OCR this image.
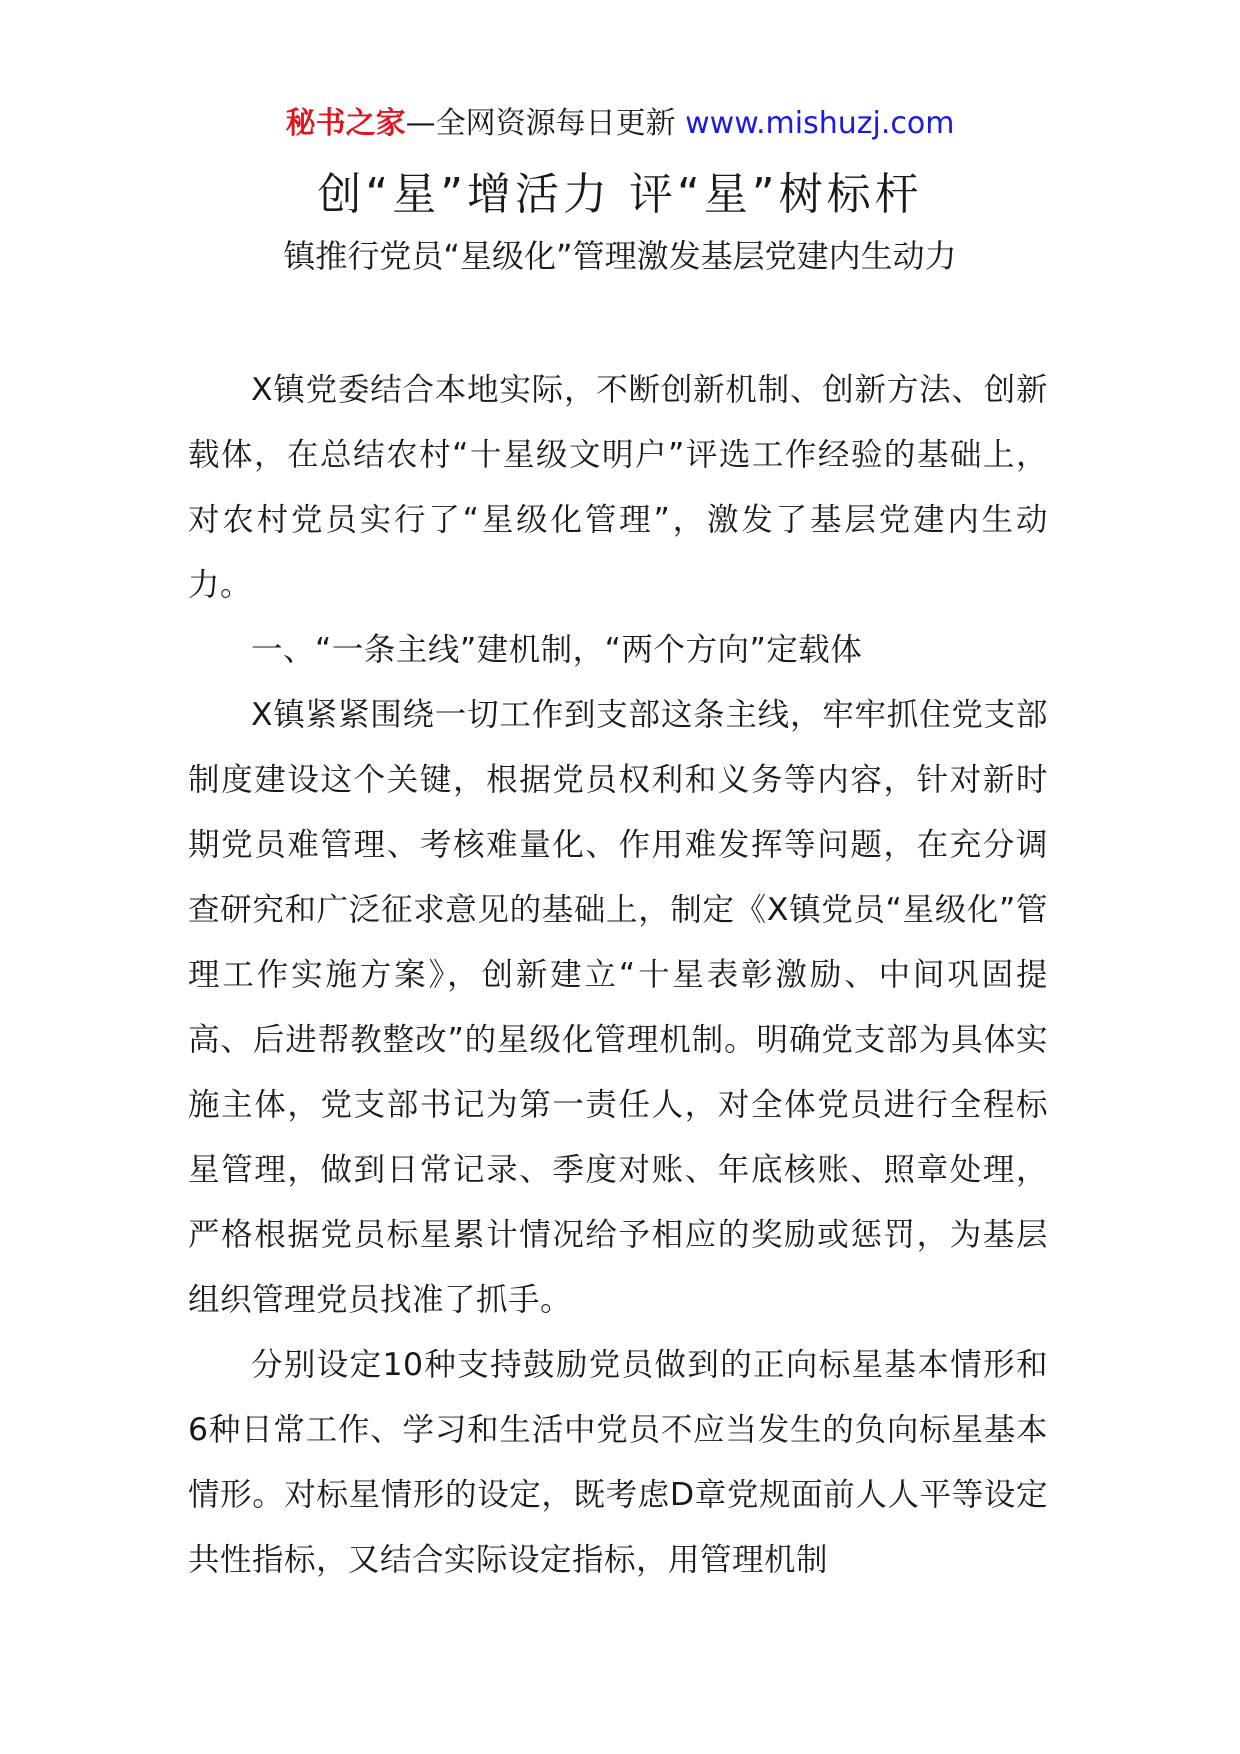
秘书之家—全网资源每日更新 www.mishuzj.com
创“星”增活力 评“星”树标杆
镇推行党员“星级化”管理激发基层党建内生动力

X镇党委结合本地实际，不断创新机制、创新方法、创新载体，在总结农村“十星级文明户”评选工作经验的基础上，对农村党员实行了“星级化管理”，激发了基层党建内生动力。

一、“一条主线”建机制，“两个方向”定载体

X镇紧紧围绕一切工作到支部这条主线，牢牢抓住党支部制度建设这个关键，根据党员权利和义务等内容，针对新时期党员难管理、考核难量化、作用难发挥等问题，在充分调查研究和广泛征求意见的基础上，制定《X镇党员“星级化”管理工作实施方案》，创新建立“十星表彰激励、中间巩固提高、后进帮教整改”的星级化管理机制。明确党支部为具体实施主体，党支部书记为第一责任人，对全体党员进行全程标星管理，做到日常记录、季度对账、年底核账、照章处理，严格根据党员标星累计情况给予相应的奖励或惩罚，为基层组织管理党员找准了抓手。

分别设定10种支持鼓励党员做到的正向标星基本情形和6种日常工作、学习和生活中党员不应当发生的负向标星基本情形。对标星情形的设定，既考虑D章党规面前人人平等设定共性指标，又结合实际设定指标，用管理机制
